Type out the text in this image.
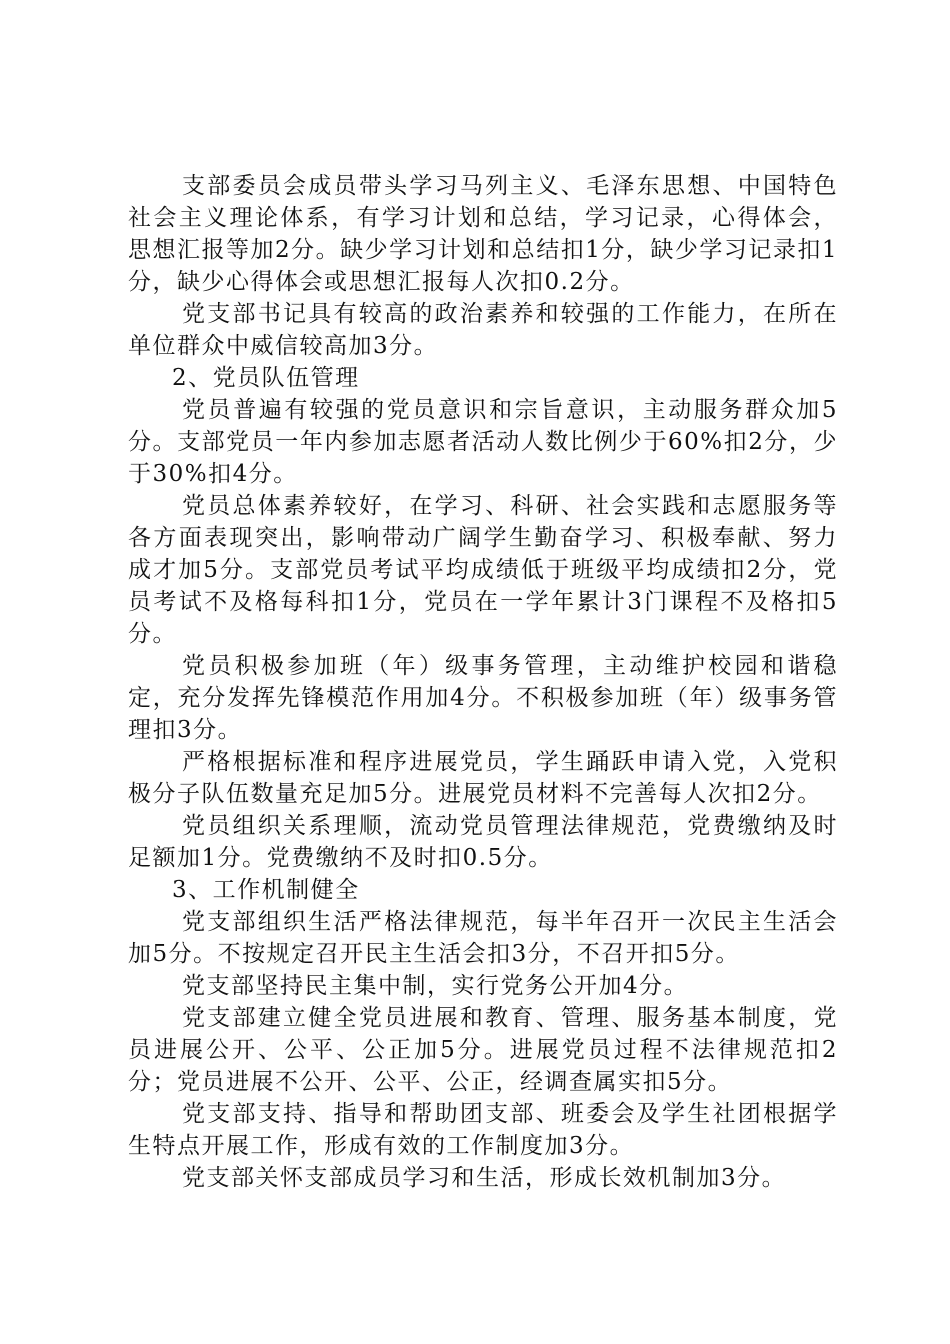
支部委员会成员带头学习马列主义、毛泽东思想、中国特色社会主义理论体系，有学习计划和总结，学习记录，心得体会，思想汇报等加2分。缺少学习计划和总结扣1分，缺少学习记录扣1分，缺少心得体会或思想汇报每人次扣0.2分。

党支部书记具有较高的政治素养和较强的工作能力，在所在单位群众中威信较高加3分。

2、党员队伍管理

党员普遍有较强的党员意识和宗旨意识，主动服务群众加5分。支部党员一年内参加志愿者活动人数比例少于60%扣2分，少于30%扣4分。

党员总体素养较好，在学习、科研、社会实践和志愿服务等各方面表现突出，影响带动广阔学生勤奋学习、积极奉献、努力成才加5分。支部党员考试平均成绩低于班级平均成绩扣2分，党员考试不及格每科扣1分，党员在一学年累计3门课程不及格扣5分。

党员积极参加班（年）级事务管理，主动维护校园和谐稳定，充分发挥先锋模范作用加4分。不积极参加班（年）级事务管理扣3分。

严格根据标准和程序进展党员，学生踊跃申请入党，入党积极分子队伍数量充足加5分。进展党员材料不完善每人次扣2分。

党员组织关系理顺，流动党员管理法律规范，党费缴纳及时足额加1分。党费缴纳不及时扣0.5分。

3、工作机制健全

党支部组织生活严格法律规范，每半年召开一次民主生活会加5分。不按规定召开民主生活会扣3分，不召开扣5分。

党支部坚持民主集中制，实行党务公开加4分。

党支部建立健全党员进展和教育、管理、服务基本制度，党员进展公开、公平、公正加5分。进展党员过程不法律规范扣2分；党员进展不公开、公平、公正，经调查属实扣5分。

党支部支持、指导和帮助团支部、班委会及学生社团根据学生特点开展工作，形成有效的工作制度加3分。

党支部关怀支部成员学习和生活，形成长效机制加3分。
